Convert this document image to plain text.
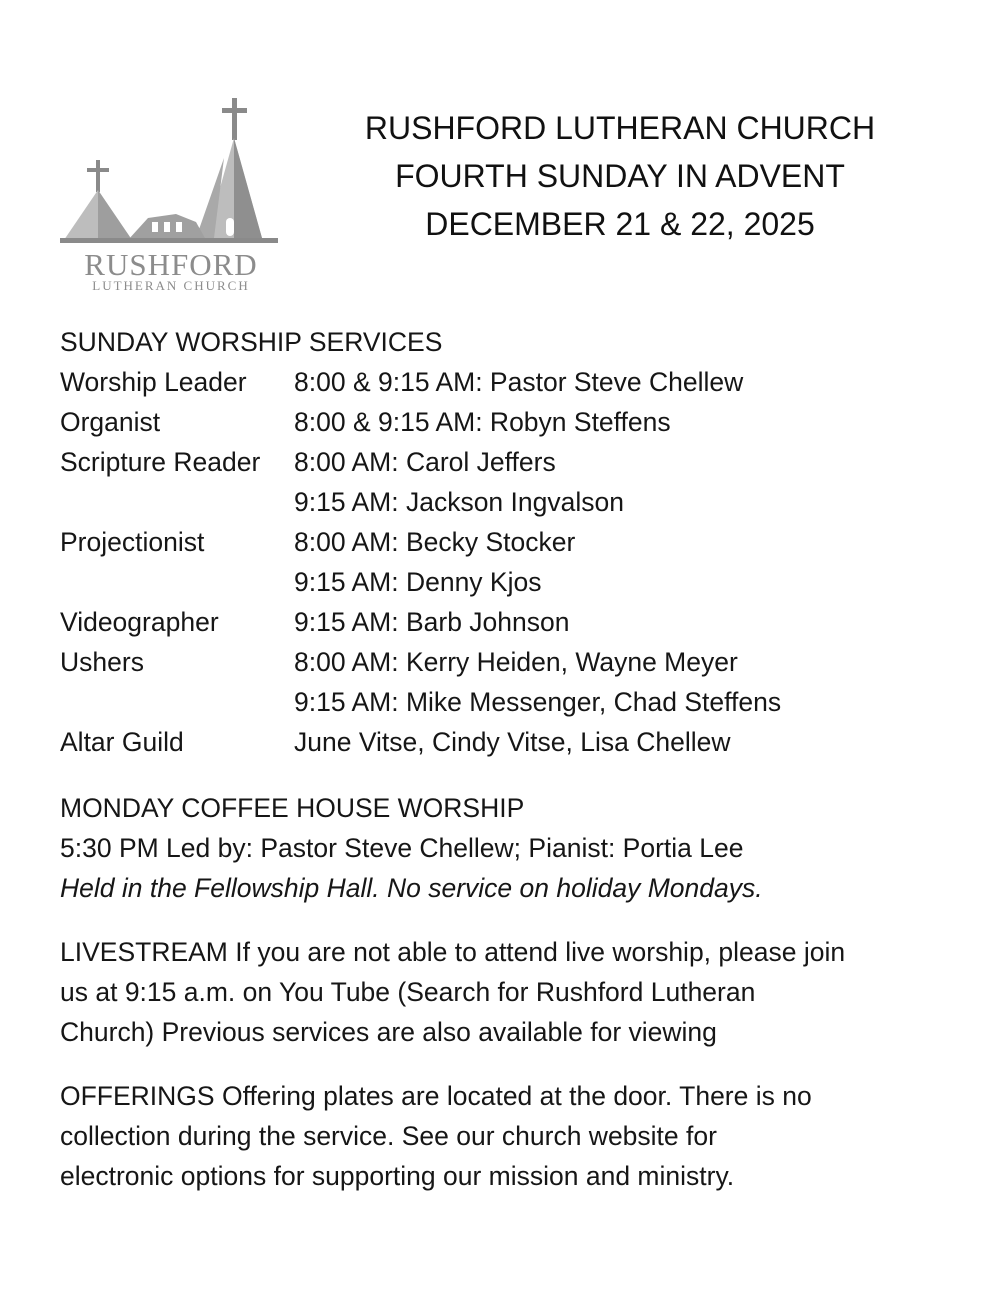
RUSHFORD
LUTHERAN CHURCH
RUSHFORD LUTHERAN CHURCH
FOURTH SUNDAY IN ADVENT
DECEMBER 21 & 22, 2025
SUNDAY WORSHIP SERVICES
Worship Leader	8:00 & 9:15 AM: Pastor Steve Chellew
Organist	8:00 & 9:15 AM: Robyn Steffens
Scripture Reader	8:00 AM: Carol Jeffers
9:15 AM: Jackson Ingvalson
Projectionist	8:00 AM: Becky Stocker
9:15 AM: Denny Kjos
Videographer	9:15 AM: Barb Johnson
Ushers	8:00 AM: Kerry Heiden, Wayne Meyer
9:15 AM: Mike Messenger, Chad Steffens
Altar Guild	June Vitse, Cindy Vitse, Lisa Chellew
MONDAY COFFEE HOUSE WORSHIP
5:30 PM Led by: Pastor Steve Chellew; Pianist: Portia Lee
Held in the Fellowship Hall. No service on holiday Mondays.
LIVESTREAM If you are not able to attend live worship, please join
us at 9:15 a.m. on You Tube (Search for Rushford Lutheran
Church) Previous services are also available for viewing
OFFERINGS Offering plates are located at the door. There is no
collection during the service. See our church website for
electronic options for supporting our mission and ministry.
